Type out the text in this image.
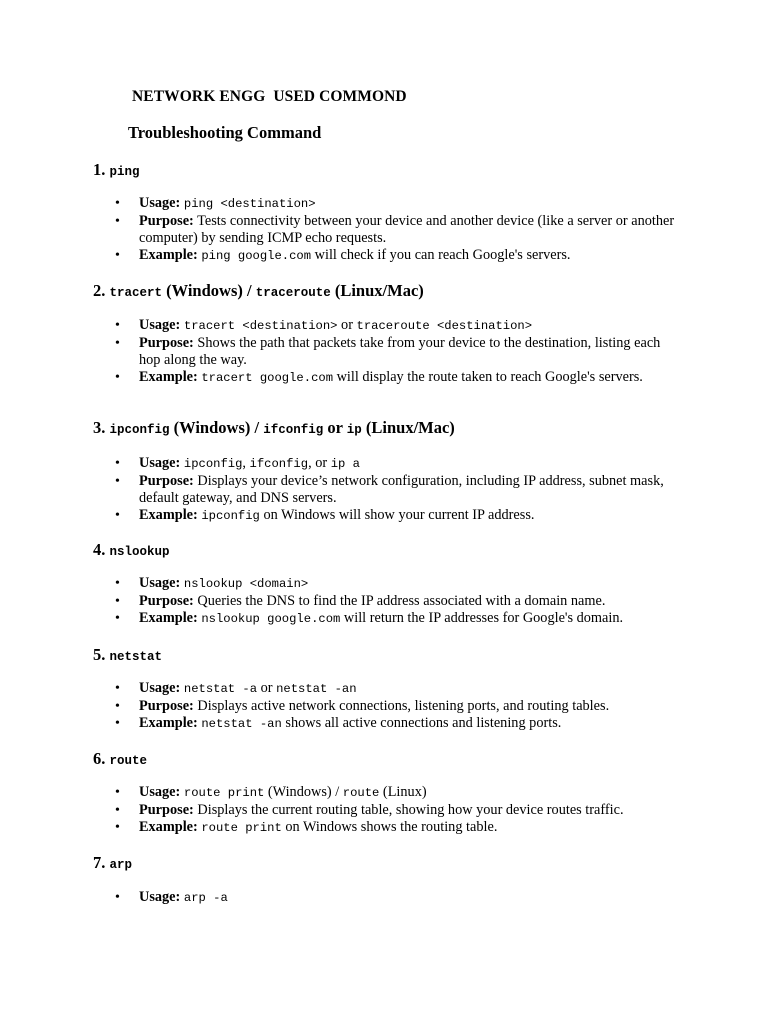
NETWORK ENGG  USED COMMOND
Troubleshooting Command
1. ping
• Usage: ping <destination>
• Purpose: Tests connectivity between your device and another device (like a server or another computer) by sending ICMP echo requests.
• Example: ping google.com will check if you can reach Google's servers.
2. tracert (Windows) / traceroute (Linux/Mac)
• Usage: tracert <destination> or traceroute <destination>
• Purpose: Shows the path that packets take from your device to the destination, listing each hop along the way.
• Example: tracert google.com will display the route taken to reach Google's servers.
3. ipconfig (Windows) / ifconfig or ip (Linux/Mac)
• Usage: ipconfig, ifconfig, or ip a
• Purpose: Displays your device’s network configuration, including IP address, subnet mask, default gateway, and DNS servers.
• Example: ipconfig on Windows will show your current IP address.
4. nslookup
• Usage: nslookup <domain>
• Purpose: Queries the DNS to find the IP address associated with a domain name.
• Example: nslookup google.com will return the IP addresses for Google's domain.
5. netstat
• Usage: netstat -a or netstat -an
• Purpose: Displays active network connections, listening ports, and routing tables.
• Example: netstat -an shows all active connections and listening ports.
6. route
• Usage: route print (Windows) / route (Linux)
• Purpose: Displays the current routing table, showing how your device routes traffic.
• Example: route print on Windows shows the routing table.
7. arp
• Usage: arp -a
